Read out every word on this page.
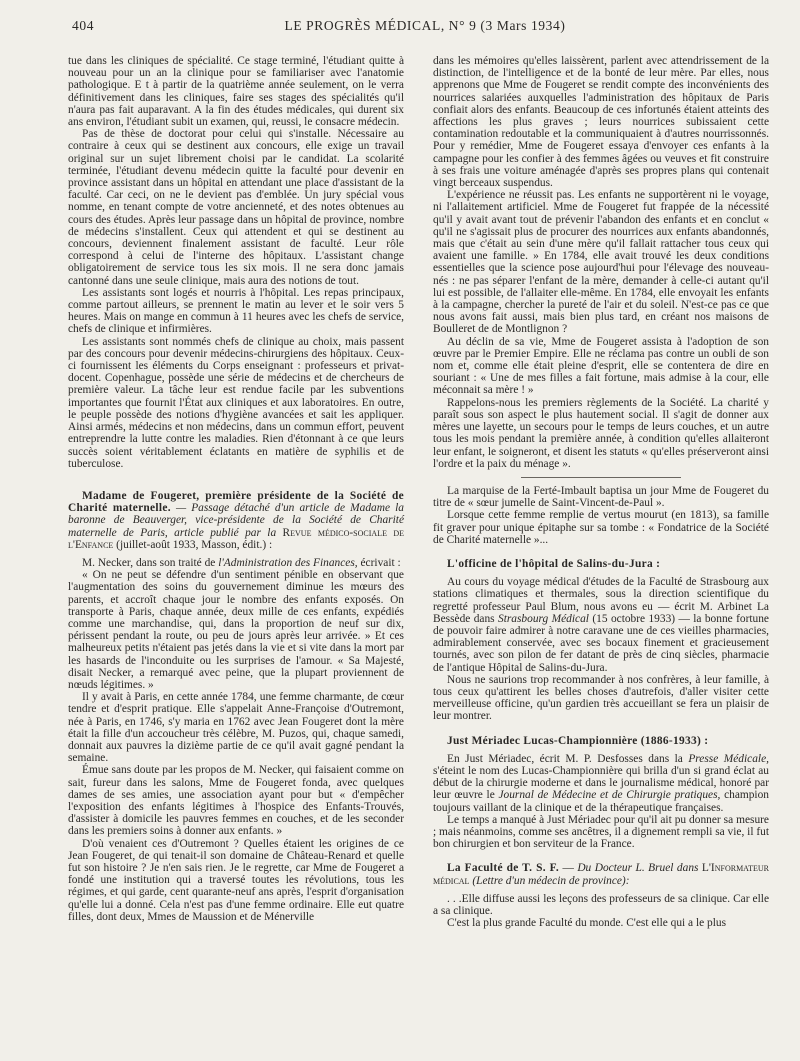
404	LE PROGRÈS MÉDICAL, N° 9 (3 Mars 1934)

tue dans les cliniques de spécialité. Ce stage terminé, l'étudiant quitte à nouveau pour un an la clinique pour se familiariser avec l'anatomie pathologique. E t à partir de la quatrième année seulement, on le verra définitivement dans les cliniques, faire ses stages des spécialités qu'il n'aura pas fait auparavant. A la fin des études médicales, qui durent six ans environ, l'étudiant subit un examen, qui, reussi, le consacre médecin.

Pas de thèse de doctorat pour celui qui s'installe. Nécessaire au contraire à ceux qui se destinent aux concours, elle exige un travail original sur un sujet librement choisi par le candidat. La scolarité terminée, l'étudiant devenu médecin quitte la faculté pour devenir en province assistant dans un hôpital en attendant une place d'assistant de la faculté. Car ceci, on ne le devient pas d'emblée. Un jury spécial vous nomme, en tenant compte de votre ancienneté, et des notes obtenues au cours des études. Après leur passage dans un hôpital de province, nombre de médecins s'installent. Ceux qui attendent et qui se destinent au concours, deviennent finalement assistant de faculté. Leur rôle correspond à celui de l'interne des hôpitaux. L'assistant change obligatoirement de service tous les six mois. Il ne sera donc jamais cantonné dans une seule clinique, mais aura des notions de tout.

Les assistants sont logés et nourris à l'hôpital. Les repas principaux, comme partout ailleurs, se prennent le matin au lever et le soir vers 5 heures. Mais on mange en commun à 11 heures avec les chefs de service, chefs de clinique et infirmières.

Les assistants sont nommés chefs de clinique au choix, mais passent par des concours pour devenir médecins-chirurgiens des hôpitaux. Ceux-ci fournissent les éléments du Corps enseignant : professeurs et privat-docent. Copenhague, possède une série de médecins et de chercheurs de première valeur. La tâche leur est rendue facile par les subventions importantes que fournit l'État aux cliniques et aux laboratoires. En outre, le peuple possède des notions d'hygiène avancées et sait les appliquer. Ainsi armés, médecins et non médecins, dans un commun effort, peuvent entreprendre la lutte contre les maladies. Rien d'étonnant à ce que leurs succès soient véritablement éclatants en matière de syphilis et de tuberculose.

Madame de Fougeret, première présidente de la Société de Charité maternelle. — Passage détaché d'un article de Madame la baronne de Beauverger, vice-présidente de la Société de Charité maternelle de Paris, article publié par la Revue médico-sociale de l'Enfance (juillet-août 1933, Masson, édit.) :

M. Necker, dans son traité de l'Administration des Finances, écrivait :

« On ne peut se défendre d'un sentiment pénible en observant que l'augmentation des soins du gouvernement diminue les mœurs des parents, et accroît chaque jour le nombre des enfants exposés. On transporte à Paris, chaque année, deux mille de ces enfants, expédiés comme une marchandise, qui, dans la proportion de neuf sur dix, périssent pendant la route, ou peu de jours après leur arrivée. » Et ces malheureux petits n'étaient pas jetés dans la vie et si vite dans la mort par les hasards de l'inconduite ou les surprises de l'amour. « Sa Majesté, disait Necker, a remarqué avec peine, que la plupart proviennent de nœuds légitimes. »

Il y avait à Paris, en cette année 1784, une femme charmante, de cœur tendre et d'esprit pratique. Elle s'appelait Anne-Françoise d'Outremont, née à Paris, en 1746, s'y maria en 1762 avec Jean Fougeret dont la mère était la fille d'un accoucheur très célèbre, M. Puzos, qui, chaque samedi, donnait aux pauvres la dizième partie de ce qu'il avait gagné pendant la semaine.

Émue sans doute par les propos de M. Necker, qui faisaient comme on sait, fureur dans les salons, Mme de Fougeret fonda, avec quelques dames de ses amies, une association ayant pour but « d'empêcher l'exposition des enfants légitimes à l'hospice des Enfants-Trouvés, d'assister à domicile les pauvres femmes en couches, et de les seconder dans les premiers soins à donner aux enfants. »

D'où venaient ces d'Outremont ? Quelles étaient les origines de ce Jean Fougeret, de qui tenait-il son domaine de Château-Renard et quelle fut son histoire ? Je n'en sais rien. Je le regrette, car Mme de Fougeret a fondé une institution qui a traversé toutes les révolutions, tous les régimes, et qui garde, cent quarante-neuf ans après, l'esprit d'organisation qu'elle lui a donné. Cela n'est pas d'une femme ordinaire. Elle eut quatre filles, dont deux, Mmes de Maussion et de Ménerville

dans les mémoires qu'elles laissèrent, parlent avec attendrissement de la distinction, de l'intelligence et de la bonté de leur mère. Par elles, nous apprenons que Mme de Fougeret se rendit compte des inconvénients des nourrices salariées auxquelles l'administration des hôpitaux de Paris confiait alors des enfants. Beaucoup de ces infortunés étaient atteints des affections les plus graves ; leurs nourrices subissaient cette contamination redoutable et la communiquaient à d'autres nourrissonnés. Pour y remédier, Mme de Fougeret essaya d'envoyer ces enfants à la campagne pour les confier à des femmes âgées ou veuves et fit construire à ses frais une voiture aménagée d'après ses propres plans qui contenait vingt berceaux suspendus.

L'expérience ne réussit pas. Les enfants ne supportèrent ni le voyage, ni l'allaitement artificiel. Mme de Fougeret fut frappée de la nécessité qu'il y avait avant tout de prévenir l'abandon des enfants et en conclut « qu'il ne s'agissait plus de procurer des nourrices aux enfants abandonnés, mais que c'était au sein d'une mère qu'il fallait rattacher tous ceux qui avaient une famille. » En 1784, elle avait trouvé les deux conditions essentielles que la science pose aujourd'hui pour l'élevage des nouveau-nés : ne pas séparer l'enfant de la mère, demander à celle-ci autant qu'il lui est possible, de l'allaiter elle-même. En 1784, elle envoyait les enfants à la campagne, chercher la pureté de l'air et du soleil. N'est-ce pas ce que nous avons fait aussi, mais bien plus tard, en créant nos maisons de Boulleret de de Montlignon ?

Au déclin de sa vie, Mme de Fougeret assista à l'adoption de son œuvre par le Premier Empire. Elle ne réclama pas contre un oubli de son nom et, comme elle était pleine d'esprit, elle se contentera de dire en souriant : « Une de mes filles a fait fortune, mais admise à la cour, elle méconnait sa mère ! »

Rappelons-nous les premiers règlements de la Société. La charité y paraît sous son aspect le plus hautement social. Il s'agit de donner aux mères une layette, un secours pour le temps de leurs couches, et un autre tous les mois pendant la première année, à condition qu'elles allaiteront leur enfant, le soigneront, et disent les statuts « qu'elles préserveront ainsi l'ordre et la paix du ménage ».

La marquise de la Ferté-Imbault baptisa un jour Mme de Fougeret du titre de « sœur jumelle de Saint-Vincent-de-Paul ».

Lorsque cette femme remplie de vertus mourut (en 1813), sa famille fit graver pour unique épitaphe sur sa tombe : « Fondatrice de la Société de Charité maternelle »...

L'officine de l'hôpital de Salins-du-Jura :

Au cours du voyage médical d'études de la Faculté de Strasbourg aux stations climatiques et thermales, sous la direction scientifique du regretté professeur Paul Blum, nous avons eu — écrit M. Arbinet La Bessède dans Strasbourg Médical (15 octobre 1933) — la bonne fortune de pouvoir faire admirer à notre caravane une de ces vieilles pharmacies, admirablement conservée, avec ses bocaux finement et gracieusement tournés, avec son pilon de fer datant de près de cinq siècles, pharmacie de l'antique Hôpital de Salins-du-Jura.

Nous ne saurions trop recommander à nos confrères, à leur famille, à tous ceux qu'attirent les belles choses d'autrefois, d'aller visiter cette merveilleuse officine, qu'un gardien très accueillant se fera un plaisir de leur montrer.

Just Mériadec Lucas-Championnière (1886-1933) :

En Just Mériadec, écrit M. P. Desfosses dans la Presse Médicale, s'éteint le nom des Lucas-Championnière qui brilla d'un si grand éclat au début de la chirurgie moderne et dans le journalisme médical, honoré par leur œuvre le Journal de Médecine et de Chirurgie pratiques, champion toujours vaillant de la clinique et de la thérapeutique françaises.

Le temps a manqué à Just Mériadec pour qu'il ait pu donner sa mesure ; mais néanmoins, comme ses ancêtres, il a dignement rempli sa vie, il fut bon chirurgien et bon serviteur de la France.

La Faculté de T. S. F. — Du Docteur L. Bruel dans L'Informateur médical (Lettre d'un médecin de province):

. . .Elle diffuse aussi les leçons des professeurs de sa clinique. Car elle a sa clinique.

C'est la plus grande Faculté du monde. C'est elle qui a le plus
